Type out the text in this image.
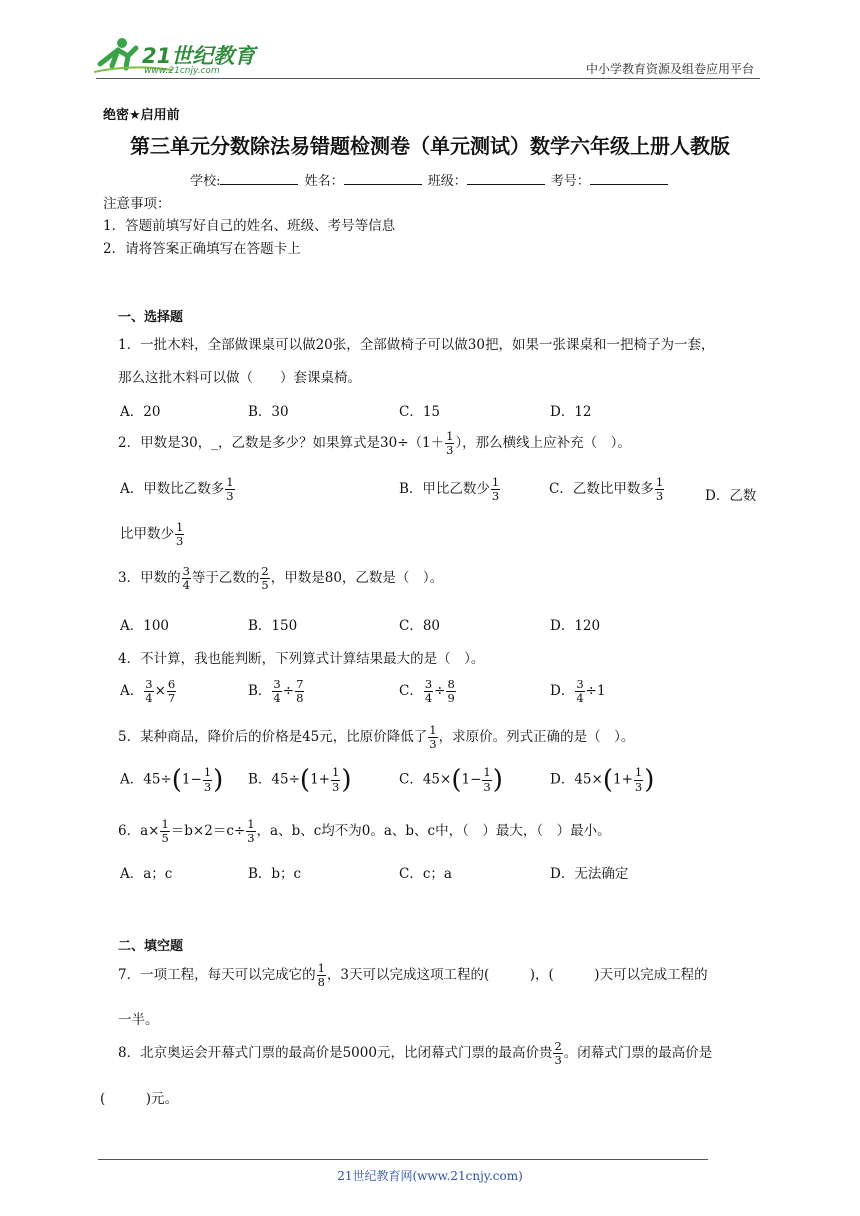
21世纪教育
www.21cnjy.com	中小学教育资源及组卷应用平台
绝密★启用前
第三单元分数除法易错题检测卷（单元测试）数学六年级上册人教版
学校:	姓名：	班级：	考号：
注意事项：
1．答题前填写好自己的姓名、班级、考号等信息
2．请将答案正确填写在答题卡上
一、选择题
1．一批木料，全部做课桌可以做20张，全部做椅子可以做30把，如果一张课桌和一把椅子为一套，
那么这批木料可以做（　　）套课桌椅。
A．20	B．30	C．15	D．12
2．甲数是30，_，乙数是多少？如果算式是$30\div(1+ \frac{1}{3}$ ），那么横线上应补充（　）。
A．甲数比乙数多 $\frac{1}{3}$	B．甲比乙数少 $\frac{1}{3}$	C．乙数比甲数多 $\frac{1}{3}$	D．乙数
比甲数少 $\frac{1}{3}$
3．甲数的 $\frac{3}{4}$ 等于乙数的 $\frac{2}{5}$ ，甲数是80，乙数是（　）。
A．100	B．150	C．80	D．120
4．不计算，我也能判断，下列算式计算结果最大的是（　）。
A． $\frac{3}{4} \times \frac{6}{7}$	B． $\frac{3}{4} \div \frac{7}{8}$	C． $\frac{3}{4} \div \frac{8}{9}$	D． $\frac{3}{4} \div 1$
5．某种商品，降价后的价格是45元，比原价降低了 $\frac{1}{3}$ ，求原价。列式正确的是（　）。
A．$45\div(1- \frac{1}{3}$ ) B．$45\div(1+ \frac{1}{3}$ )	C．$45\times(1- \frac{1}{3}$ )	D．$45\times(1+ \frac{1}{3}$ )
6．$a\times \frac{1}{5} =b\times 2=c\div \frac{1}{3}$ ，a、b、c均不为0。a、b、c中，（　）最大，（　）最小。
A．a；c	B．b；c	C．c；a	D．无法确定
二、填空题
7．一项工程，每天可以完成它的 $\frac{1}{8}$ ，3天可以完成这项工程的(　　　)，(　　　)天可以完成工程的
一半。
8．北京奥运会开幕式门票的最高价是5000元，比闭幕式门票的最高价贵 $\frac{2}{3}$ 。闭幕式门票的最高价是
(　　　)元。
21世纪教育网(www.21cnjy.com)
